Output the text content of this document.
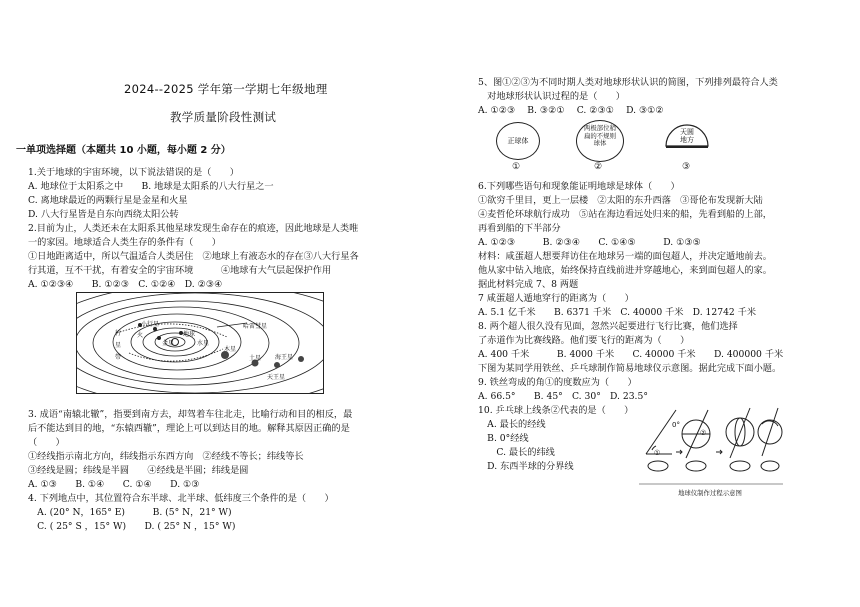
2024--2025 学年第一学期七年级地理
教学质量阶段性测试
一单项选择题（本题共 10 小题，每小题 2 分）
1.关于地球的宇宙环境，以下说法错误的是（　　）
A. 地球位于太阳系之中　　B. 地球是太阳系的八大行星之一
C. 离地球最近的两颗行星是金星和火星
D. 八大行星皆是自东向西绕太阳公转
2.目前为止，人类还未在太阳系其他星球发现生命存在的痕迹，因此地球是人类唯
一的家园。地球适合人类生存的条件有（　　）
①日地距离适中，所以气温适合人类居住　②地球上有液态水的存在③八大行星各
行其道，互不干扰，有着安全的宇宙环境　　　④地球有大气层起保护作用
A. ①②③④　　B. ①②③　C. ①②④　D. ②③④
小行星
地球
金星	水星
哈雷彗星
木星
土星 海王星
天王星
火
行
星
带
3. 成语“南辕北辙”，指要到南方去，却驾着车往北走，比喻行动和目的相反，最
后不能达到目的地，“东辕西辙”，理论上可以到达目的地。解释其原因正确的是
（　　）
①经线指示南北方向，纬线指示东西方向　②经线不等长；纬线等长
③经线是圆；纬线是半圆　　④经线是半圆；纬线是圆
A. ①③　　B. ①④　　C. ①④　　D. ①③
4. 下列地点中，其位置符合东半球、北半球、低纬度三个条件的是（　　）
　A. (20° N，165° E)　　　B. (5° N，21° W)
　C. ( 25° S ，15° W)　　D. ( 25° N ，15° W)
5、图①②③为不同时期人类对地球形状认识的简图，下列排列最符合人类
　对地球形状认识过程的是（　　）
A. ①②③　 B. ③②①　 C. ②③①　 D. ③①②
正球体
两极部位稍扁的不规则球体
天圆
地方
①	②	③
6.下列哪些语句和现象能证明地球是球体（　　）
①欲穷千里目，更上一层楼　②太阳的东升西落　③哥伦布发现新大陆
④麦哲伦环球航行成功　⑤站在海边看远处归来的船，先看到船的上部，
再看到船的下半部分
A. ①②③　　　B. ②③④　　C. ①④⑤　　　D. ①③⑤
材料：咸蛋超人想要拜访住在地球另一端的面包超人，并决定遁地前去。
他从家中钻入地底，始终保持直线前进并穿越地心，来到面包超人的家。
据此材料完成 7、8 两题
7 咸蛋超人遁地穿行的距离为（　　）
A. 5.1 亿千米　　B. 6371 千米　C. 40000 千米　D. 12742 千米
8. 两个超人很久没有见面，忽然兴起要进行飞行比赛，他们选择
了赤道作为比赛线路。他们要飞行的距离为（　　）
A. 400 千米　　　B. 4000 千米　　C. 40000 千米　　D. 400000 千米
下图为某同学用铁丝、乒乓球制作简易地球仪示意图。据此完成下面小题。
9. 铁丝弯成的角①的度数应为（　　）
A. 66.5°　　B. 45°　C. 30°　D. 23.5°
10. 乒乓球上线条②代表的是（　　）
　A. 最长的经线
　B. 0°经线
　　C. 最长的纬线
　D. 东西半球的分界线
0°
①
②
地球仪制作过程示意图
